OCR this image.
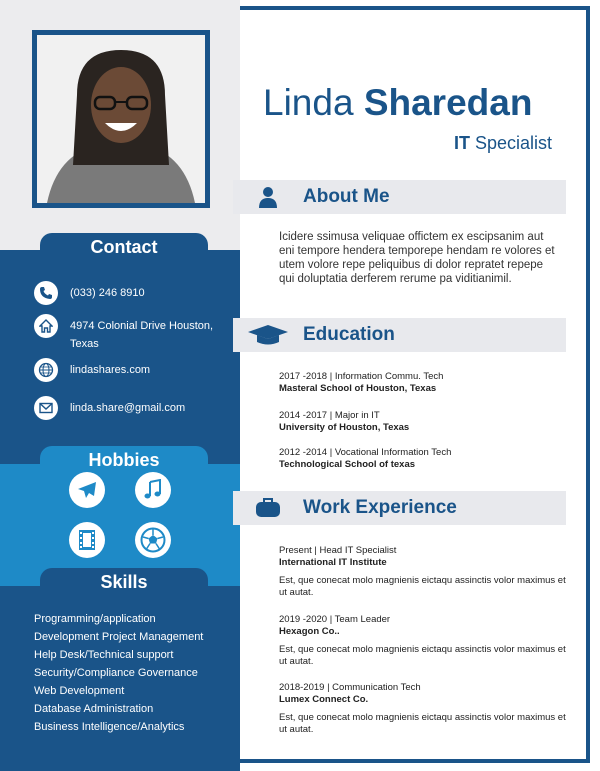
Contact
Hobbies
Skills
(033) 246 8910
4974 Colonial Drive Houston, Texas
lindashares.com
linda.share@gmail.com
Programming/application
Development Project Management
Help Desk/Technical support
Security/Compliance Governance
Web Development
Database Administration
Business Intelligence/Analytics
Linda Sharedan
IT Specialist
About Me
Icidere ssimusa veliquae offictem ex escipsanim aut eni tempore hendera temporepe hendam re volores et utem volore repe peliquibus di dolor repratet repepe qui doluptatia derferem rerume pa viditianimil.
Education
2017 -2018 | Information Commu. Tech
Masteral School of Houston, Texas
2014 -2017 | Major in IT
University of Houston, Texas
2012 -2014 | Vocational Information Tech
Technological School of texas
Work Experience
Present | Head IT Specialist
International IT Institute
Est, que conecat molo magnienis eictaqu assinctis volor maximus et ut autat.
2019 -2020 | Team Leader
Hexagon Co..
Est, que conecat molo magnienis eictaqu assinctis volor maximus et ut autat.
2018-2019 | Communication Tech
Lumex Connect Co.
Est, que conecat molo magnienis eictaqu assinctis volor maximus et ut autat.
